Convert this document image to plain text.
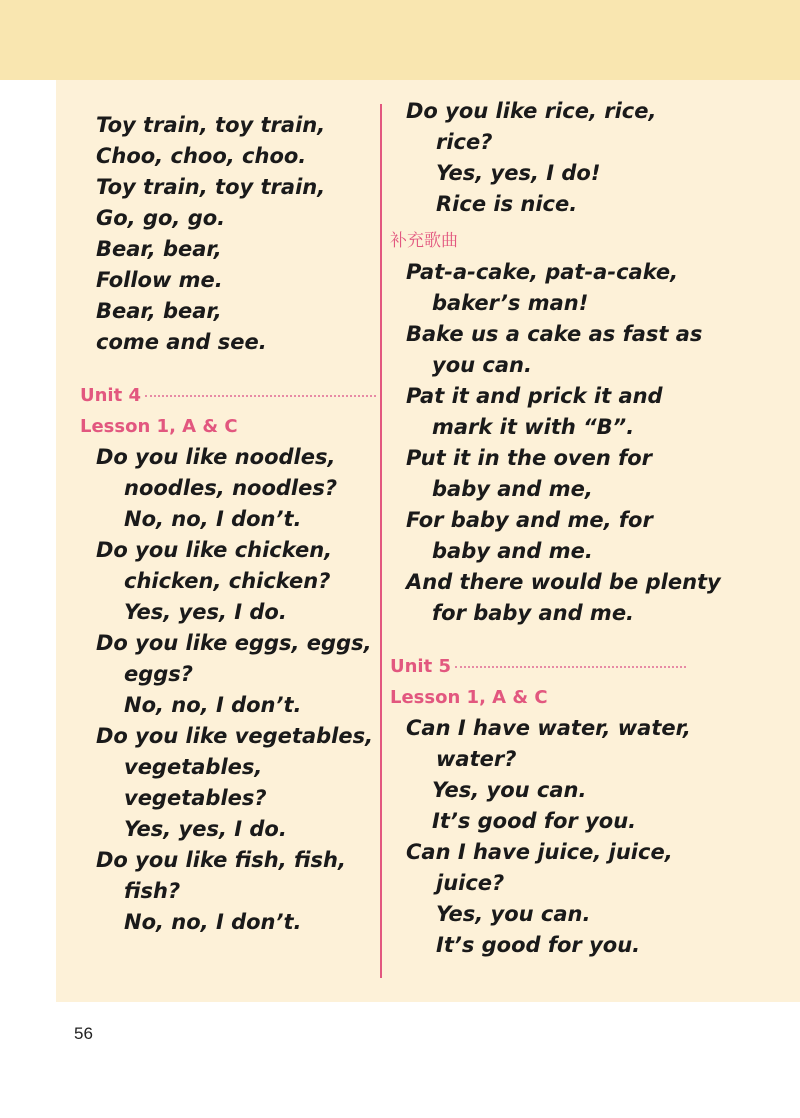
Toy train, toy train,
Choo, choo, choo.
Toy train, toy train,
Go, go, go.
Bear, bear,
Follow me.
Bear, bear,
come and see.
Unit 4
Lesson 1, A & C
Do you like noodles,
noodles, noodles?
No, no, I don’t.
Do you like chicken,
chicken, chicken?
Yes, yes, I do.
Do you like eggs, eggs,
eggs?
No, no, I don’t.
Do you like vegetables,
vegetables,
vegetables?
Yes, yes, I do.
Do you like fish, fish,
fish?
No, no, I don’t.
Do you like rice, rice,
rice?
Yes, yes, I do!
Rice is nice.
补充歌曲
Pat-a-cake, pat-a-cake,
baker’s man!
Bake us a cake as fast as
you can.
Pat it and prick it and
mark it with “B”.
Put it in the oven for
baby and me,
For baby and me, for
baby and me.
And there would be plenty
for baby and me.
Unit 5
Lesson 1, A & C
Can I have water, water,
water?
Yes, you can.
It’s good for you.
Can I have juice, juice,
juice?
Yes, you can.
It’s good for you.
56
